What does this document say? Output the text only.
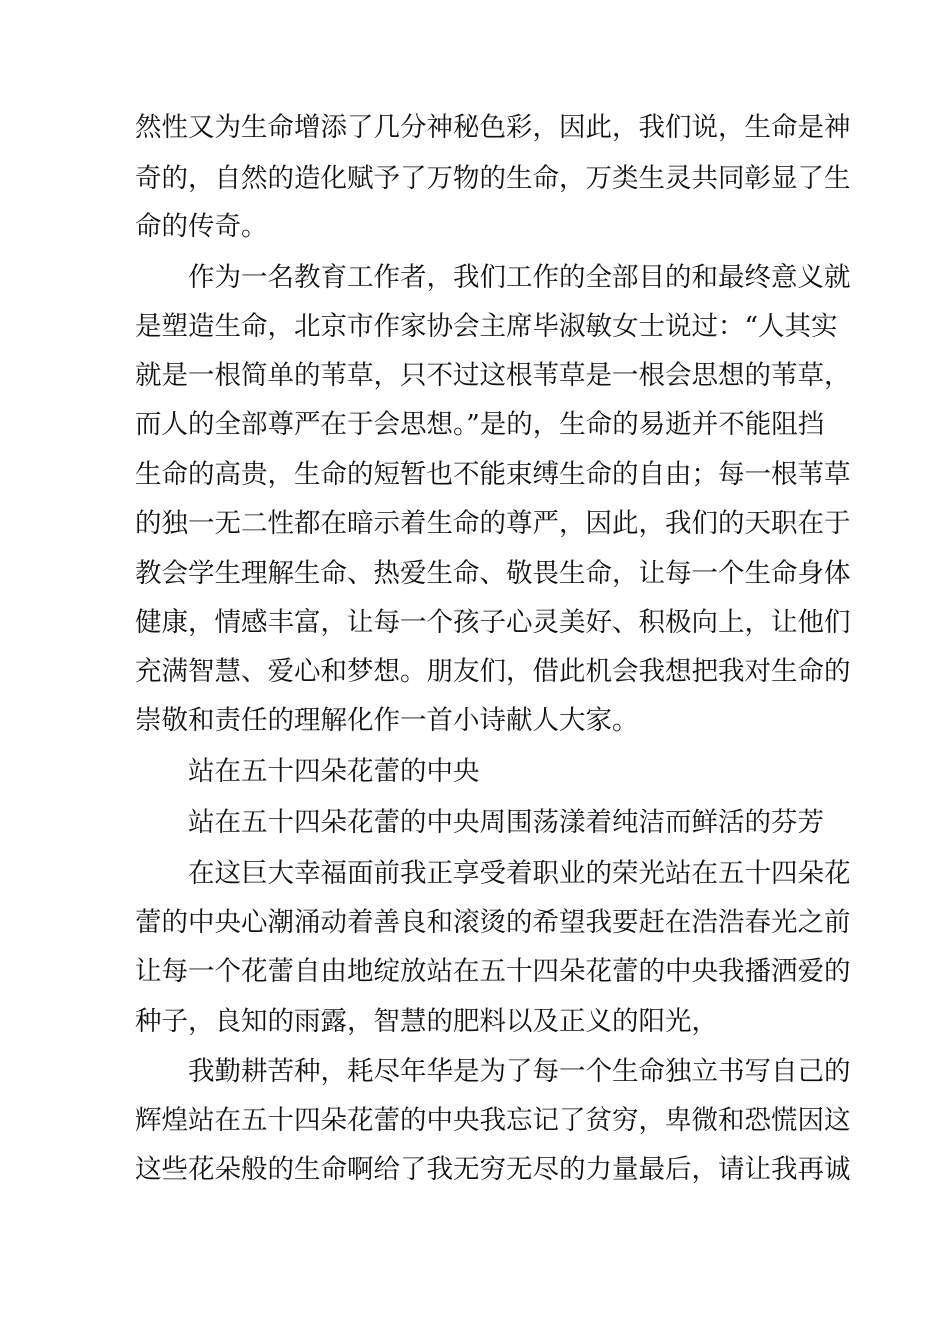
然性又为生命增添了几分神秘色彩，因此，我们说，生命是神
奇的，自然的造化赋予了万物的生命，万类生灵共同彰显了生
命的传奇。
作为一名教育工作者，我们工作的全部目的和最终意义就
是塑造生命，北京市作家协会主席毕淑敏女士说过：“人其实
就是一根简单的苇草，只不过这根苇草是一根会思想的苇草，
而人的全部尊严在于会思想。”是的，生命的易逝并不能阻挡
生命的高贵，生命的短暂也不能束缚生命的自由；每一根苇草
的独一无二性都在暗示着生命的尊严，因此，我们的天职在于
教会学生理解生命、热爱生命、敬畏生命，让每一个生命身体
健康，情感丰富，让每一个孩子心灵美好、积极向上，让他们
充满智慧、爱心和梦想。朋友们，借此机会我想把我对生命的
崇敬和责任的理解化作一首小诗献人大家。
站在五十四朵花蕾的中央
站在五十四朵花蕾的中央周围荡漾着纯洁而鲜活的芬芳
在这巨大幸福面前我正享受着职业的荣光站在五十四朵花
蕾的中央心潮涌动着善良和滚烫的希望我要赶在浩浩春光之前
让每一个花蕾自由地绽放站在五十四朵花蕾的中央我播洒爱的
种子，良知的雨露，智慧的肥料以及正义的阳光，
我勤耕苦种，耗尽年华是为了每一个生命独立书写自己的
辉煌站在五十四朵花蕾的中央我忘记了贫穷，卑微和恐慌因这
这些花朵般的生命啊给了我无穷无尽的力量最后，请让我再诚
